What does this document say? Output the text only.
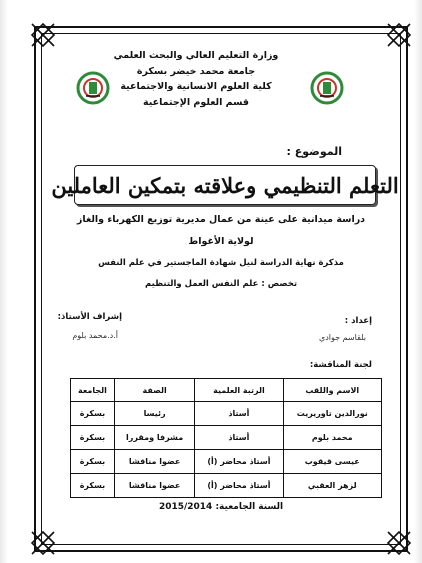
وزارة التعليم العالي والبحث العلمي
جامعة محمد خيضر بسكرة
كلية العلوم الانسانية والاجتماعية
قسم العلوم الإجتماعية
الموضوع :
التعلم التنظيمي وعلاقته بتمكين العاملين
دراسة ميدانية على عينة من عمال مديرية توزيع الكهرباء والغاز
لولاية الأغواط
مذكرة نهاية الدراسة لنيل شهادة الماجستير في علم النفس
تخصص : علم النفس العمل والتنظيم
إشراف الأستاذ:
أ.د.محمد بلوم
إعداد :
بلقاسم جوادي
لجنة المناقشة:
الاسم واللقب	الرتبة العلمية	الصفة	الجامعة
نورالدين تاوريريت	أستاذ	رئيسا	بسكرة
محمد بلوم	أستاذ	مشرفا ومقررا	بسكرة
عيسى قيقوب	أستاذ محاضر (أ)	عضوا مناقشا	بسكرة
لزهر العقبي	أستاذ محاضر (أ)	عضوا مناقشا	بسكرة
السنة الجامعية: 2015/2014
